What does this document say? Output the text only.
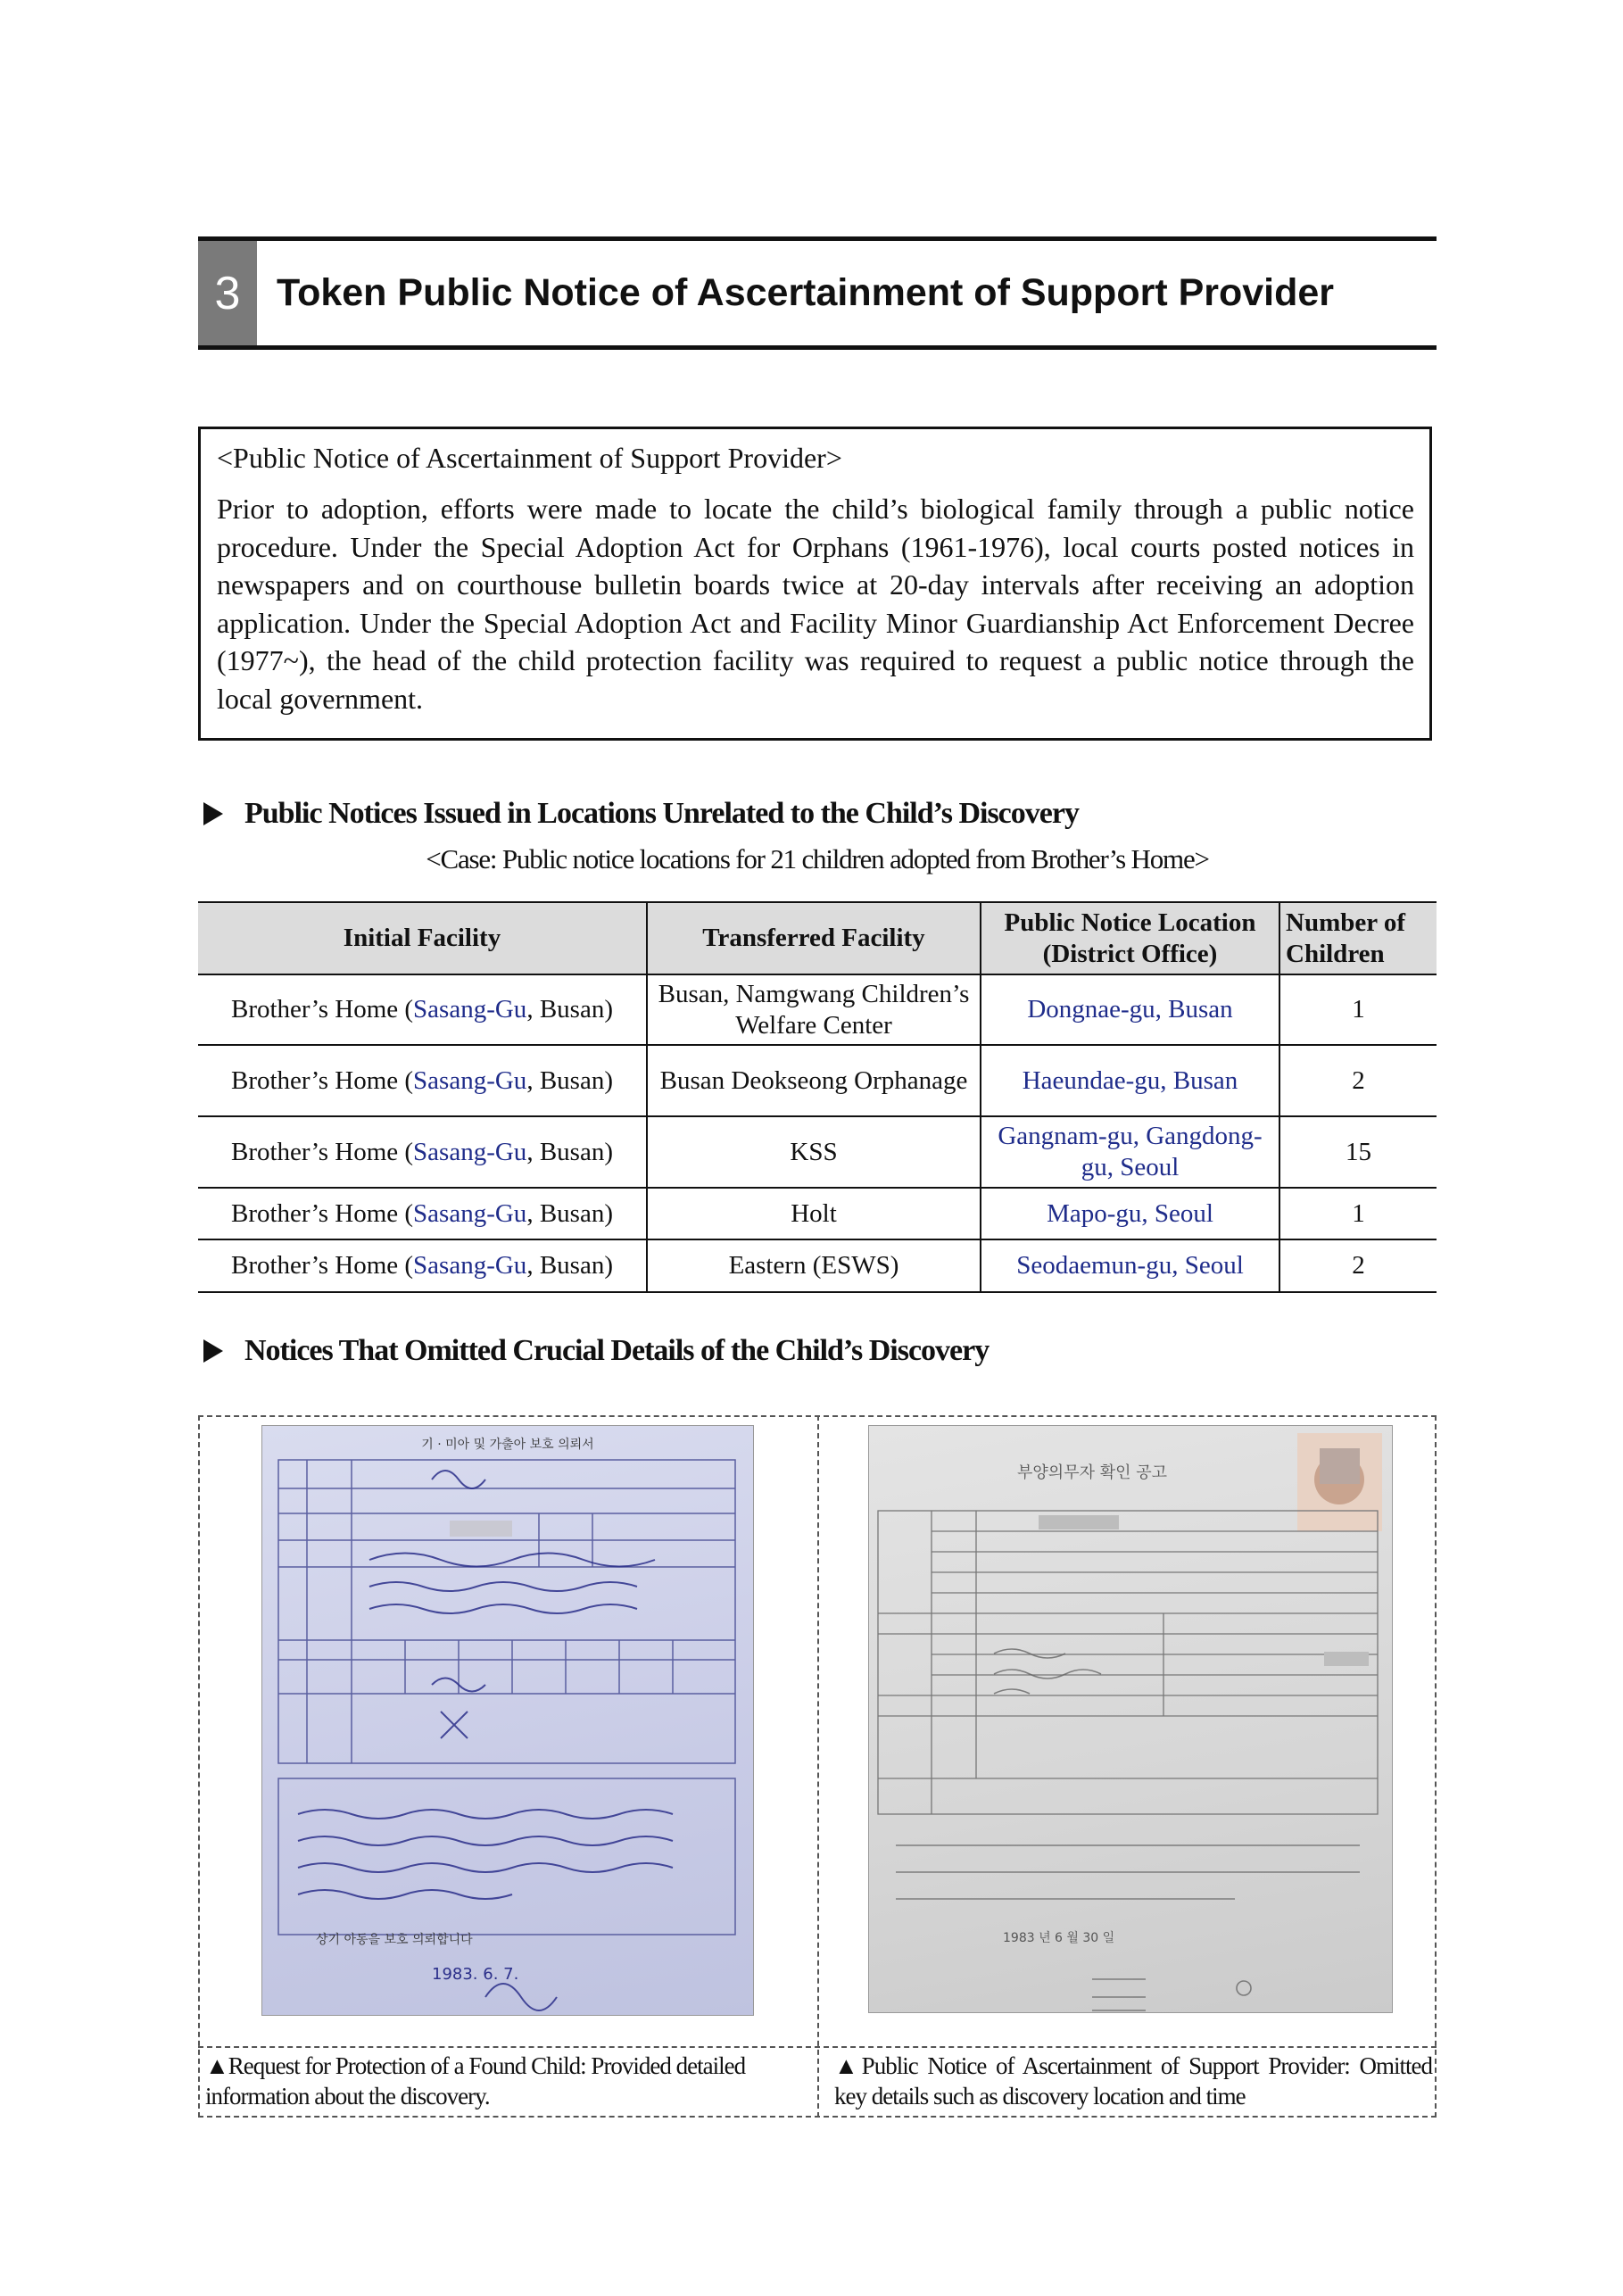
3 Token Public Notice of Ascertainment of Support Provider
<Public Notice of Ascertainment of Support Provider>
Prior to adoption, efforts were made to locate the child’s biological family through a public notice procedure. Under the Special Adoption Act for Orphans (1961-1976), local courts posted notices in newspapers and on courthouse bulletin boards twice at 20-day intervals after receiving an adoption application. Under the Special Adoption Act and Facility Minor Guardianship Act Enforcement Decree (1977~), the head of the child protection facility was required to request a public notice through the local government.
Public Notices Issued in Locations Unrelated to the Child’s Discovery
<Case: Public notice locations for 21 children adopted from Brother’s Home>
Initial Facility	Transferred Facility	Public Notice Location (District Office)	Number of Children
Brother’s Home (Sasang-Gu, Busan)	Busan, Namgwang Children’s Welfare Center	Dongnae-gu, Busan	1
Brother’s Home (Sasang-Gu, Busan)	Busan Deokseong Orphanage	Haeundae-gu, Busan	2
Brother’s Home (Sasang-Gu, Busan)	KSS	Gangnam-gu, Gangdong-gu, Seoul	15
Brother’s Home (Sasang-Gu, Busan)	Holt	Mapo-gu, Seoul	1
Brother’s Home (Sasang-Gu, Busan)	Eastern (ESWS)	Seodaemun-gu, Seoul	2
Notices That Omitted Crucial Details of the Child’s Discovery
기 · 미아 및 가출아 보호 의뢰서
상기 아동을 보호 의뢰합니다
1983. 6. 7.
부양의무자 확인 공고
1983 년 6 월 30 일
▲Request for Protection of a Found Child: Provided detailed information about the discovery.
▲Public Notice of Ascertainment of Support Provider: Omitted key details such as discovery location and time
